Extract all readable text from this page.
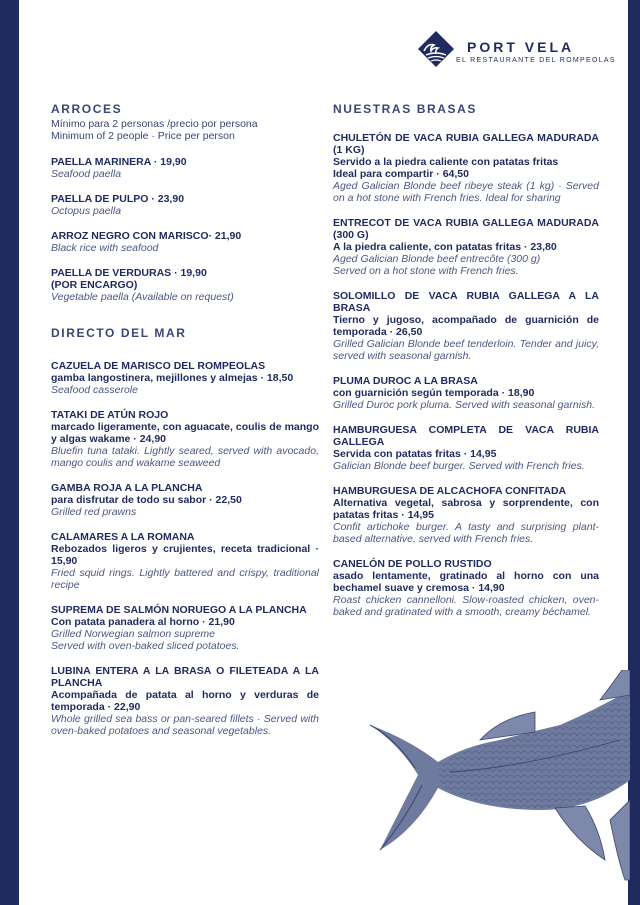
PORT VELA
EL RESTAURANTE DEL ROMPEOLAS

ARROCES

Mínimo para 2 personas /precio por persona

Minimum of 2 people · Price per person

PAELLA MARINERA · 19,90

Seafood paella

PAELLA DE PULPO · 23,90

Octopus paella

ARROZ NEGRO CON MARISCO· 21,90

Black rice with seafood

PAELLA DE VERDURAS · 19,90
(POR ENCARGO)

Vegetable paella (Available on request)

DIRECTO DEL MAR

CAZUELA DE MARISCO DEL ROMPEOLAS

gamba langostinera, mejillones y almejas · 18,50

Seafood casserole

TATAKI DE ATÚN ROJO

marcado ligeramente, con aguacate, coulis de mango y algas wakame · 24,90

Bluefin tuna tataki. Lightly seared, served with avocado, mango coulis and wakame seaweed

GAMBA ROJA A LA PLANCHA

para disfrutar de todo su sabor · 22,50

Grilled red prawns

CALAMARES A LA ROMANA

Rebozados ligeros y crujientes, receta tradicional · 15,90

Fried squid rings. Lightly battered and crispy, traditional recipe

SUPREMA DE SALMÓN NORUEGO A LA PLANCHA

Con patata panadera al horno · 21,90

Grilled Norwegian salmon supreme
Served with oven-baked sliced potatoes.

LUBINA ENTERA A LA BRASA O FILETEADA A LA PLANCHA

Acompañada de patata al horno y verduras de temporada · 22,90

Whole grilled sea bass or pan-seared fillets · Served with oven-baked potatoes and seasonal vegetables.

NUESTRAS BRASAS

CHULETÓN DE VACA RUBIA GALLEGA MADURADA (1 KG)

Servido a la piedra caliente con patatas fritas
Ideal para compartir · 64,50

Aged Galician Blonde beef ribeye steak (1 kg) · Served on a hot stone with French fries. Ideal for sharing

ENTRECOT DE VACA RUBIA GALLEGA MADURADA (300 G)

A la piedra caliente, con patatas fritas · 23,80

Aged Galician Blonde beef entrecôte (300 g)
Served on a hot stone with French fries.

SOLOMILLO DE VACA RUBIA GALLEGA A LA BRASA

Tierno y jugoso, acompañado de guarnición de temporada · 26,50

Grilled Galician Blonde beef tenderloin. Tender and juicy, served with seasonal garnish.

PLUMA DUROC A LA BRASA

con guarnición según temporada · 18,90

Grilled Duroc pork pluma. Served with seasonal garnish.

HAMBURGUESA COMPLETA DE VACA RUBIA GALLEGA

Servida con patatas fritas · 14,95

Galician Blonde beef burger. Served with French fries.

HAMBURGUESA DE ALCACHOFA CONFITADA

Alternativa vegetal, sabrosa y sorprendente, con patatas fritas · 14,95

Confit artichoke burger. A tasty and surprising plant-based alternative, served with French fries.

CANELÓN DE POLLO RUSTIDO

asado lentamente, gratinado al horno con una bechamel suave y cremosa · 14,90

Roast chicken cannelloni. Slow-roasted chicken, oven-baked and gratinated with a smooth, creamy béchamel.
